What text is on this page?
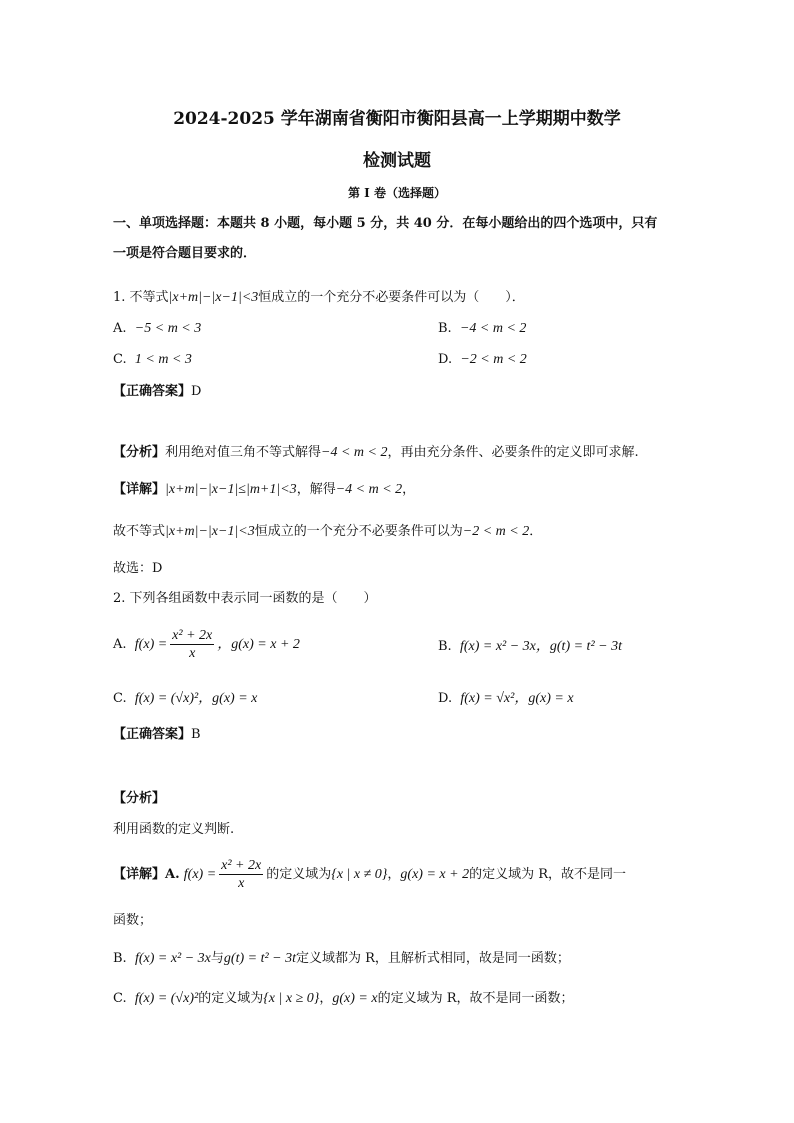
2024-2025 学年湖南省衡阳市衡阳县高一上学期期中数学
检测试题
第 I 卷（选择题）
一、单项选择题：本题共 8 小题，每小题 5 分，共 40 分．在每小题给出的四个选项中，只有
一项是符合题目要求的．
1. 不等式|x+m|−|x−1|<3恒成立的一个充分不必要条件可以为（　　）．
A. −5 < m < 3	B. −4 < m < 2
C. 1 < m < 3	D. −2 < m < 2
【正确答案】D
【分析】利用绝对值三角不等式解得−4 < m < 2，再由充分条件、必要条件的定义即可求解.
【详解】|x+m|−|x−1|≤|m+1|<3，解得−4 < m < 2，
故不等式|x+m|−|x−1|<3恒成立的一个充分不必要条件可以为−2 < m < 2．
故选：D
2. 下列各组函数中表示同一函数的是（　　）
A. $f(x) = \frac{\text{x² + 2x}}{x}$ ，g(x) = x + 2	B. f(x) = x² − 3x，g(t) = t² − 3t
C. f(x) = (√x)²，g(x) = x	D. f(x) = √x²，g(x) = x
【正确答案】B
【分析】
利用函数的定义判断.
【详解】A. $f(x) = \frac{\text{x² + 2x}}{x}$ 的定义域为{x | x ≠ 0}，g(x) = x + 2的定义域为 R，故不是同一
函数；
B. f(x) = x² − 3x与g(t) = t² − 3t定义域都为 R，且解析式相同，故是同一函数；
C. f(x) = (√x)²的定义域为{x | x ≥ 0}，g(x) = x的定义域为 R，故不是同一函数；
